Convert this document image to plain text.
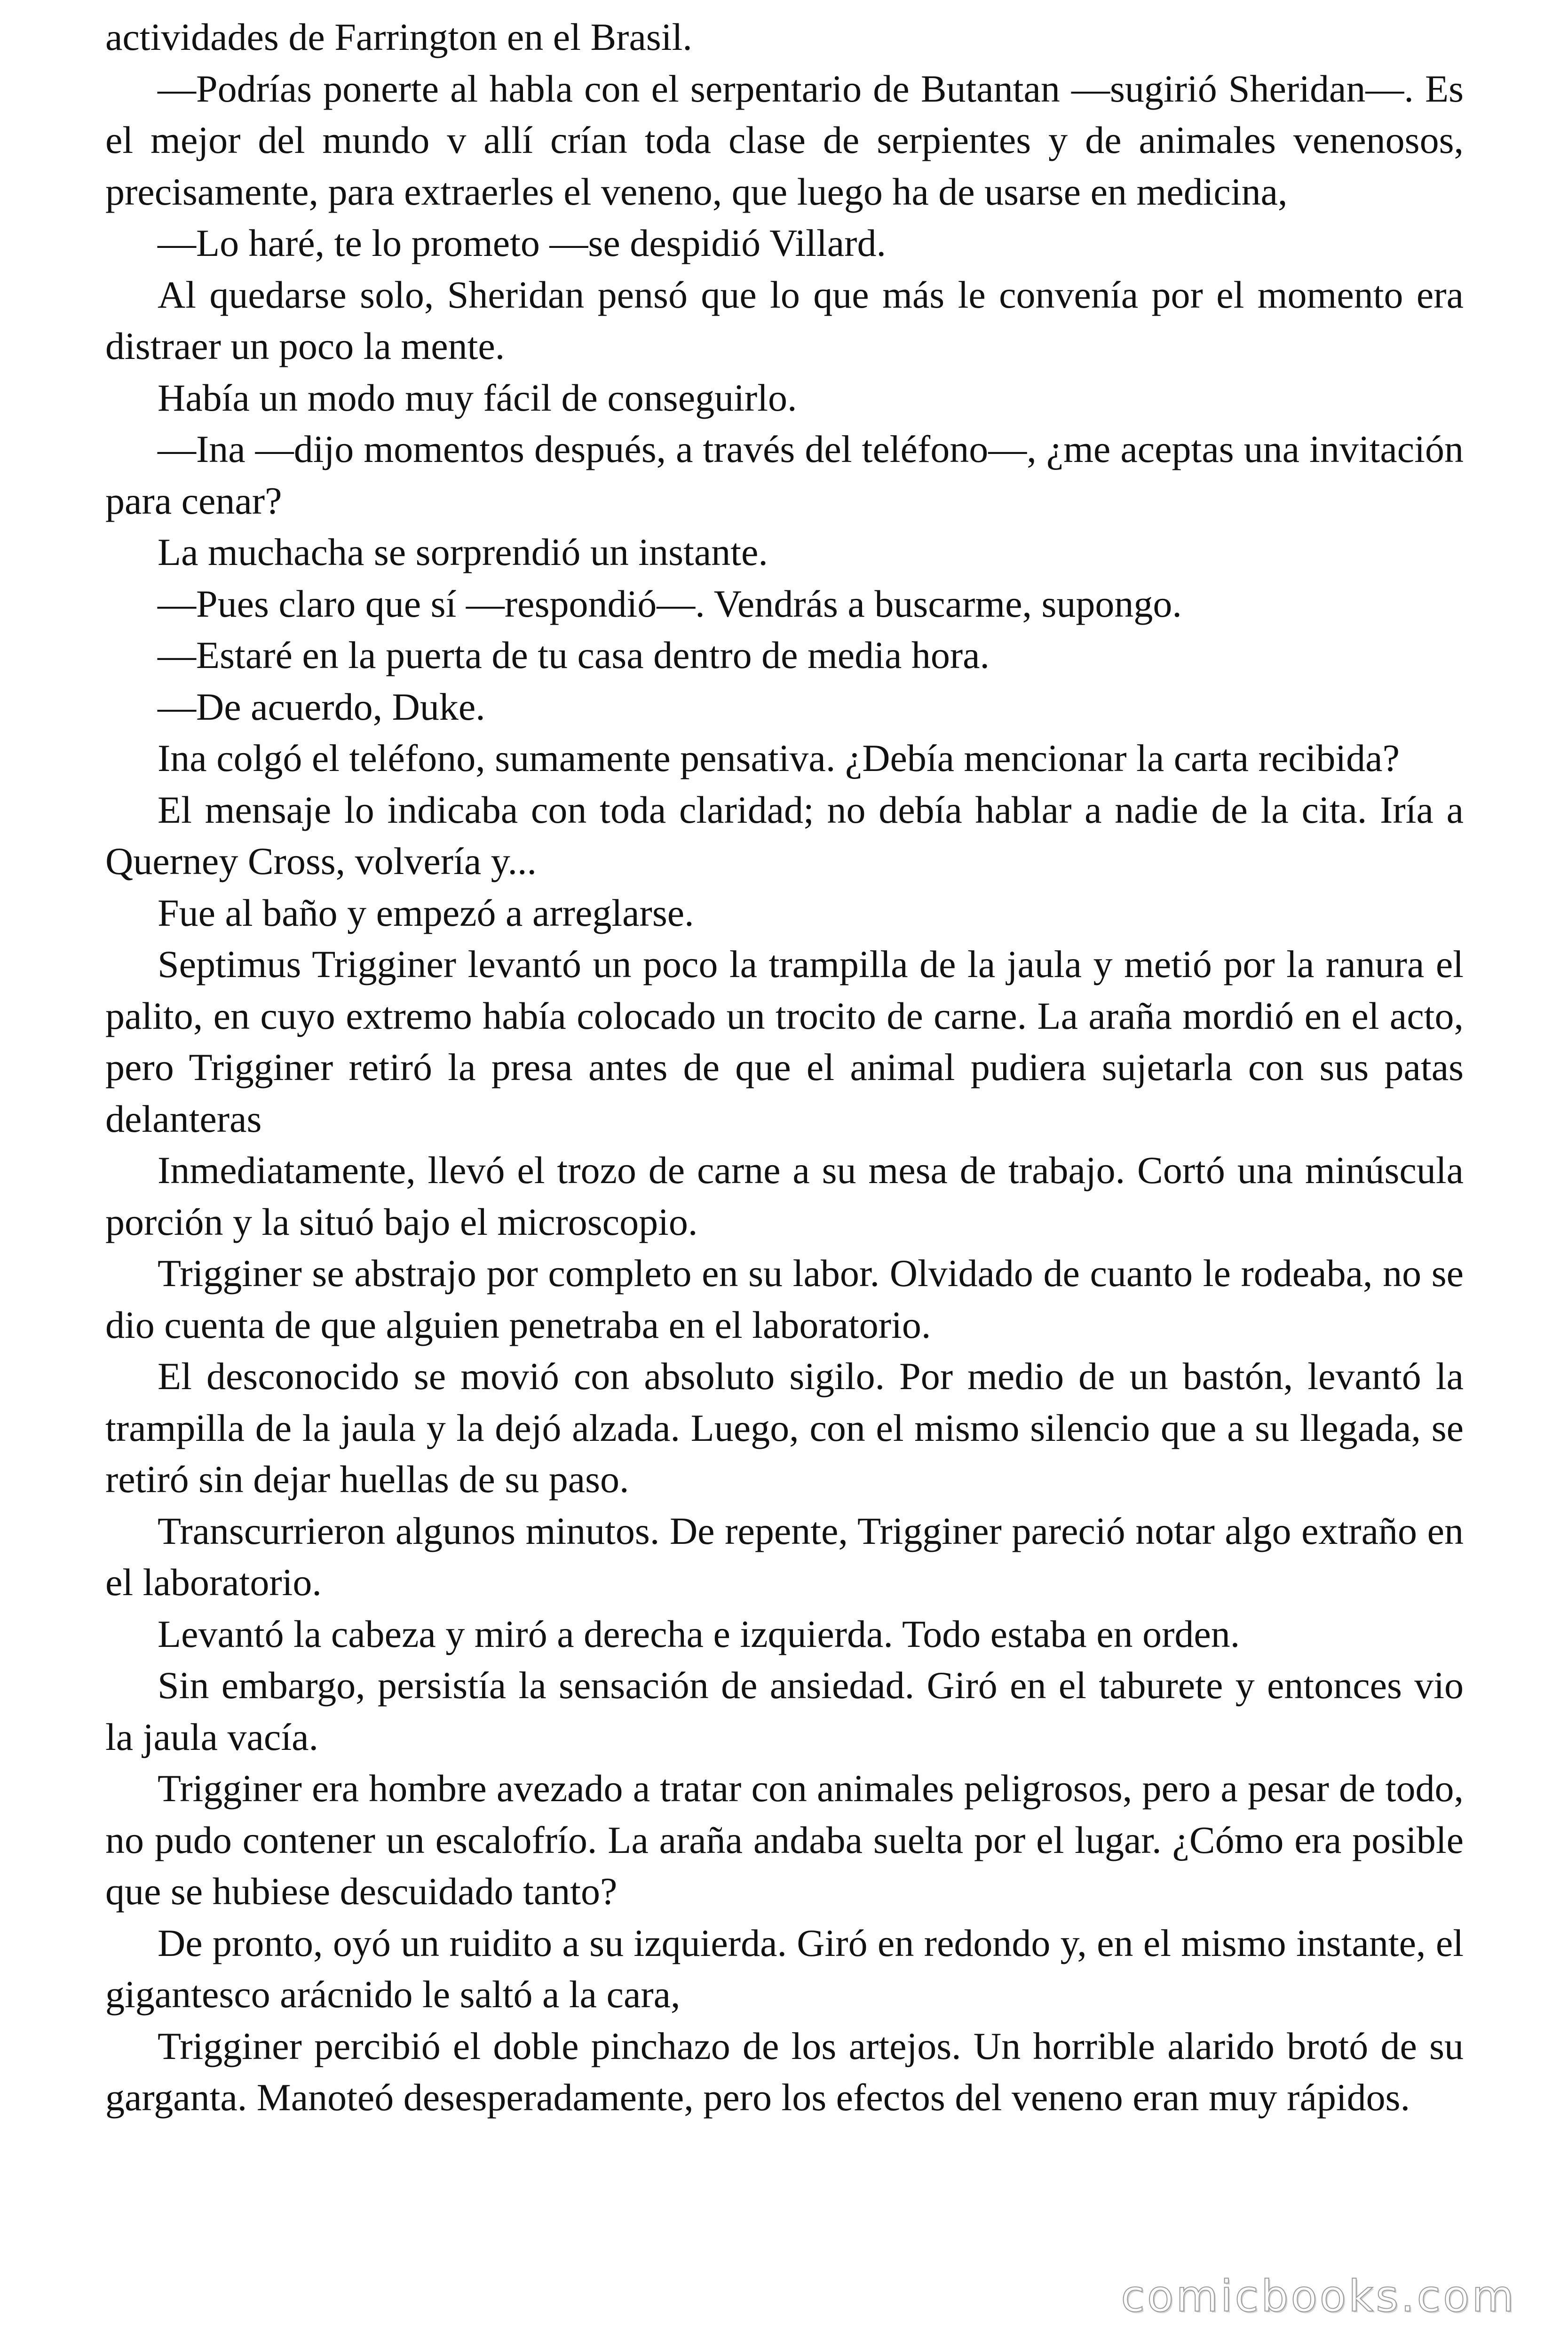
actividades de Farrington en el Brasil.

—Podrías ponerte al habla con el serpentario de Butantan —sugirió Sheridan—. Es el mejor del mundo v allí crían toda clase de serpientes y de animales venenosos, precisamente, para extraerles el veneno, que luego ha de usarse en medicina,

—Lo haré, te lo prometo —se despidió Villard.

Al quedarse solo, Sheridan pensó que lo que más le convenía por el momento era distraer un poco la mente.

Había un modo muy fácil de conseguirlo.

—Ina —dijo momentos después, a través del teléfono—, ¿me aceptas una invitación para cenar?

La muchacha se sorprendió un instante.

—Pues claro que sí —respondió—. Vendrás a buscarme, supongo.

—Estaré en la puerta de tu casa dentro de media hora.

—De acuerdo, Duke.

Ina colgó el teléfono, sumamente pensativa. ¿Debía mencionar la carta recibida?

El mensaje lo indicaba con toda claridad; no debía hablar a nadie de la cita. Iría a Querney Cross, volvería y...

Fue al baño y empezó a arreglarse.

Septimus Trigginer levantó un poco la trampilla de la jaula y metió por la ranura el palito, en cuyo extremo había colocado un trocito de carne. La araña mordió en el acto, pero Trigginer retiró la presa antes de que el animal pudiera sujetarla con sus patas delanteras

Inmediatamente, llevó el trozo de carne a su mesa de trabajo. Cortó una minúscula porción y la situó bajo el microscopio.

Trigginer se abstrajo por completo en su labor. Olvidado de cuanto le rodeaba, no se dio cuenta de que alguien penetraba en el laboratorio.

El desconocido se movió con absoluto sigilo. Por medio de un bastón, levantó la trampilla de la jaula y la dejó alzada. Luego, con el mismo silencio que a su llegada, se retiró sin dejar huellas de su paso.

Transcurrieron algunos minutos. De repente, Trigginer pareció notar algo extraño en el laboratorio.

Levantó la cabeza y miró a derecha e izquierda. Todo estaba en orden.

Sin embargo, persistía la sensación de ansiedad. Giró en el taburete y entonces vio la jaula vacía.

Trigginer era hombre avezado a tratar con animales peligrosos, pero a pesar de todo, no pudo contener un escalofrío. La araña andaba suelta por el lugar. ¿Cómo era posible que se hubiese descuidado tanto?

De pronto, oyó un ruidito a su izquierda. Giró en redondo y, en el mismo instante, el gigantesco arácnido le saltó a la cara,

Trigginer percibió el doble pinchazo de los artejos. Un horrible alarido brotó de su garganta. Manoteó desesperadamente, pero los efectos del veneno eran muy rápidos.

comicbooks.com
